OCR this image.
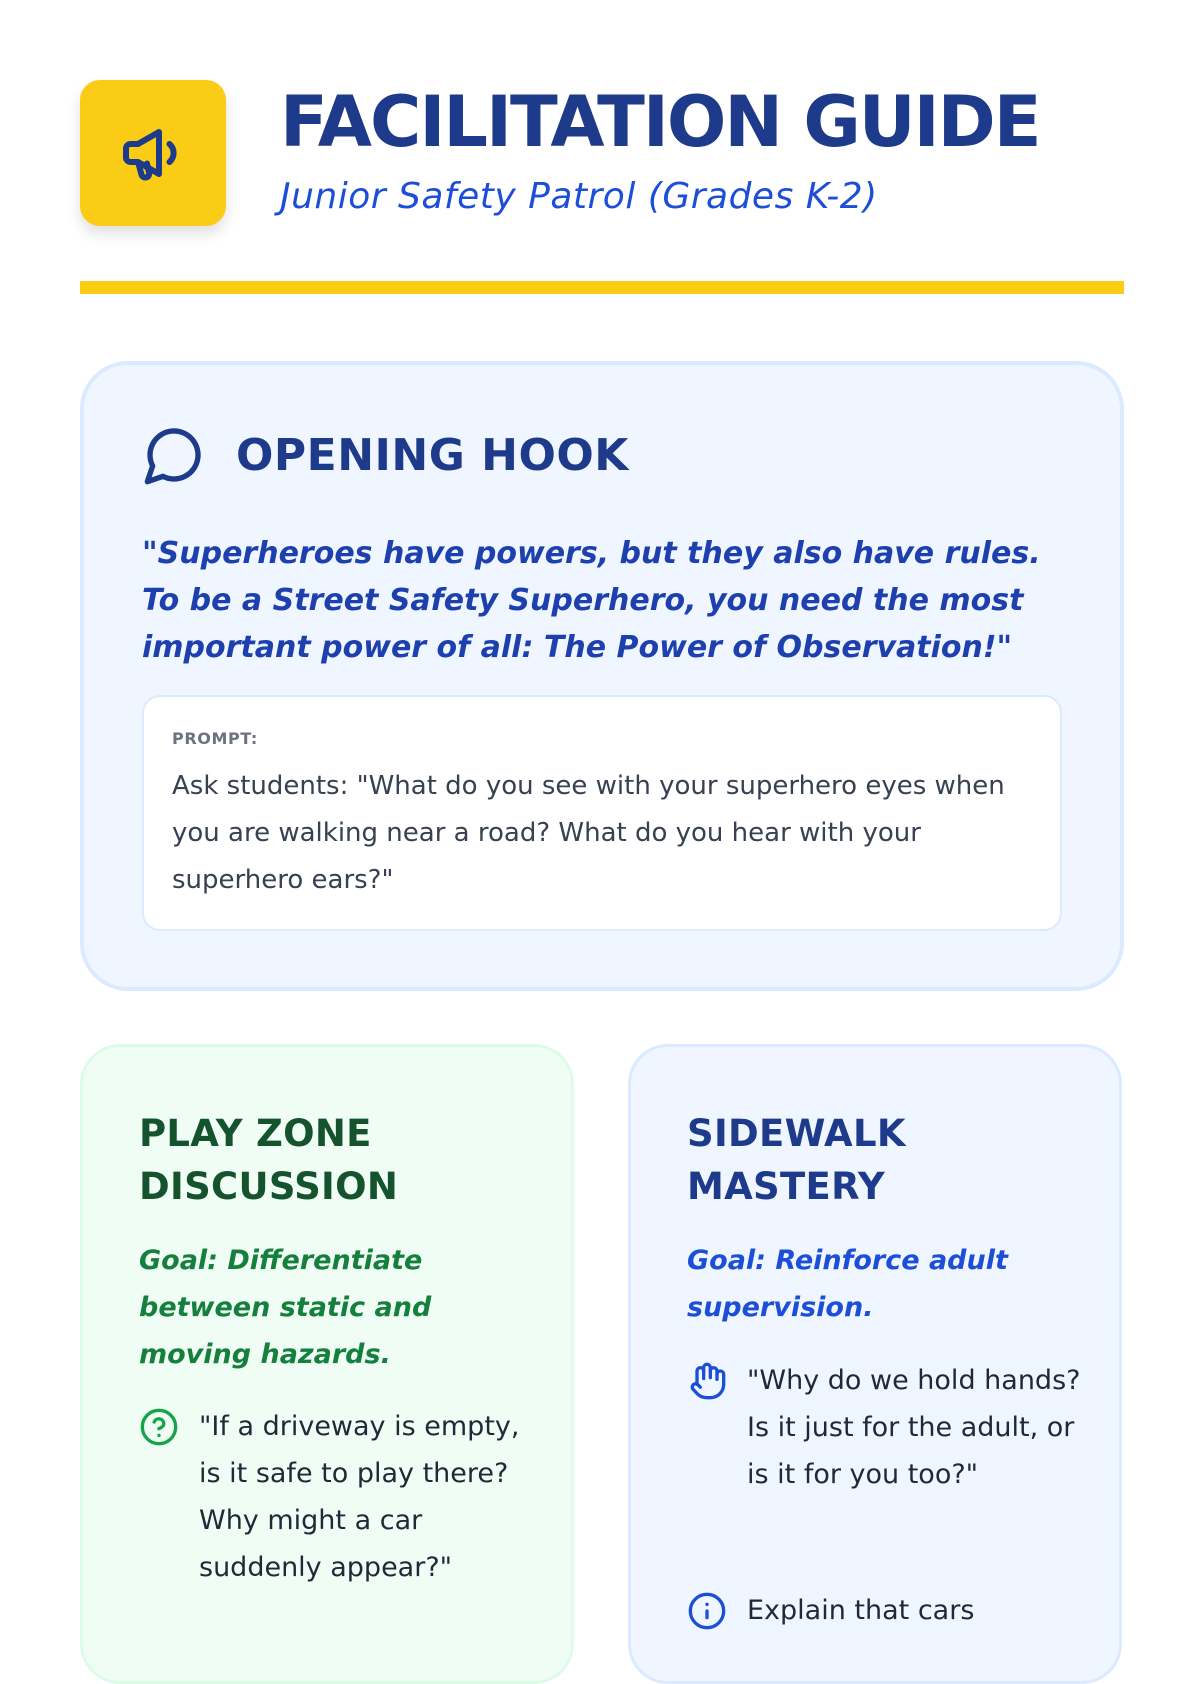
FACILITATION GUIDE
Junior Safety Patrol (Grades K-2)
OPENING HOOK
"Superheroes have powers, but they also have rules. To be a Street Safety Superhero, you need the most important power of all: The Power of Observation!"
PROMPT:
Ask students: "What do you see with your superhero eyes when you are walking near a road? What do you hear with your superhero ears?"
PLAY ZONE DISCUSSION
Goal: Differentiate between static and moving hazards.
"If a driveway is empty, is it safe to play there? Why might a car suddenly appear?"
SIDEWALK MASTERY
Goal: Reinforce adult supervision.
"Why do we hold hands? Is it just for the adult, or is it for you too?"
Explain that cars
